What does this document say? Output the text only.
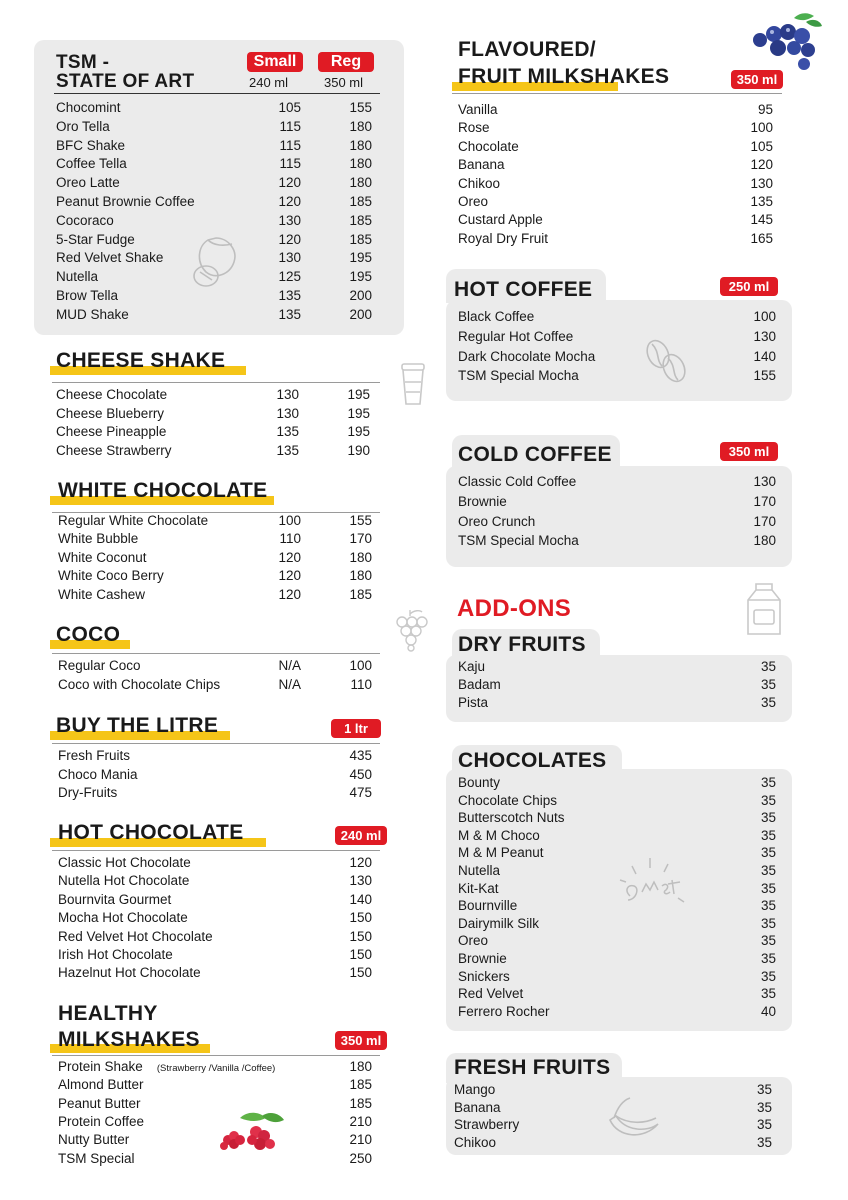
TSM -
STATE OF ART
Small	Reg
240 ml	350 ml
Chocomint	105	155
Oro Tella	115	180
BFC Shake	115	180
Coffee Tella	115	180
Oreo Latte	120	180
Peanut Brownie Coffee	120	185
Cocoraco	130	185
5-Star Fudge	120	185
Red Velvet Shake	130	195
Nutella	125	195
Brow Tella	135	200
MUD Shake	135	200
CHEESE SHAKE
Cheese Chocolate	130	195
Cheese Blueberry	130	195
Cheese Pineapple	135	195
Cheese Strawberry	135	190
WHITE CHOCOLATE
Regular White Chocolate	100	155
White Bubble	110	170
White Coconut	120	180
White Coco Berry	120	180
White Cashew	120	185
COCO
Regular Coco	N/A	100
Coco with Chocolate Chips	N/A	110
BUY THE LITRE	1 ltr
Fresh Fruits	435
Choco Mania	450
Dry-Fruits	475
HOT CHOCOLATE	240 ml
Classic Hot Chocolate	120
Nutella Hot Chocolate	130
Bournvita Gourmet	140
Mocha Hot Chocolate	150
Red Velvet Hot Chocolate	150
Irish Hot Chocolate	150
Hazelnut Hot Chocolate	150
HEALTHY
MILKSHAKES	350 ml
Protein Shake (Strawberry /Vanilla /Coffee)	180
Almond Butter	185
Peanut Butter	185
Protein Coffee	210
Nutty Butter	210
TSM Special	250
FLAVOURED/
FRUIT MILKSHAKES	350 ml
Vanilla	95
Rose	100
Chocolate	105
Banana	120
Chikoo	130
Oreo	135
Custard Apple	145
Royal Dry Fruit	165
HOT COFFEE	250 ml
Black Coffee	100
Regular Hot Coffee	130
Dark Chocolate Mocha	140
TSM Special Mocha	155
COLD COFFEE	350 ml
Classic Cold Coffee	130
Brownie	170
Oreo Crunch	170
TSM Special Mocha	180
ADD-ONS
DRY FRUITS
Kaju	35
Badam	35
Pista	35
CHOCOLATES
Bounty	35
Chocolate Chips	35
Butterscotch Nuts	35
M & M Choco	35
M & M Peanut	35
Nutella	35
Kit-Kat	35
Bournville	35
Dairymilk Silk	35
Oreo	35
Brownie	35
Snickers	35
Red Velvet	35
Ferrero Rocher	40
FRESH FRUITS
Mango	35
Banana	35
Strawberry	35
Chikoo	35
